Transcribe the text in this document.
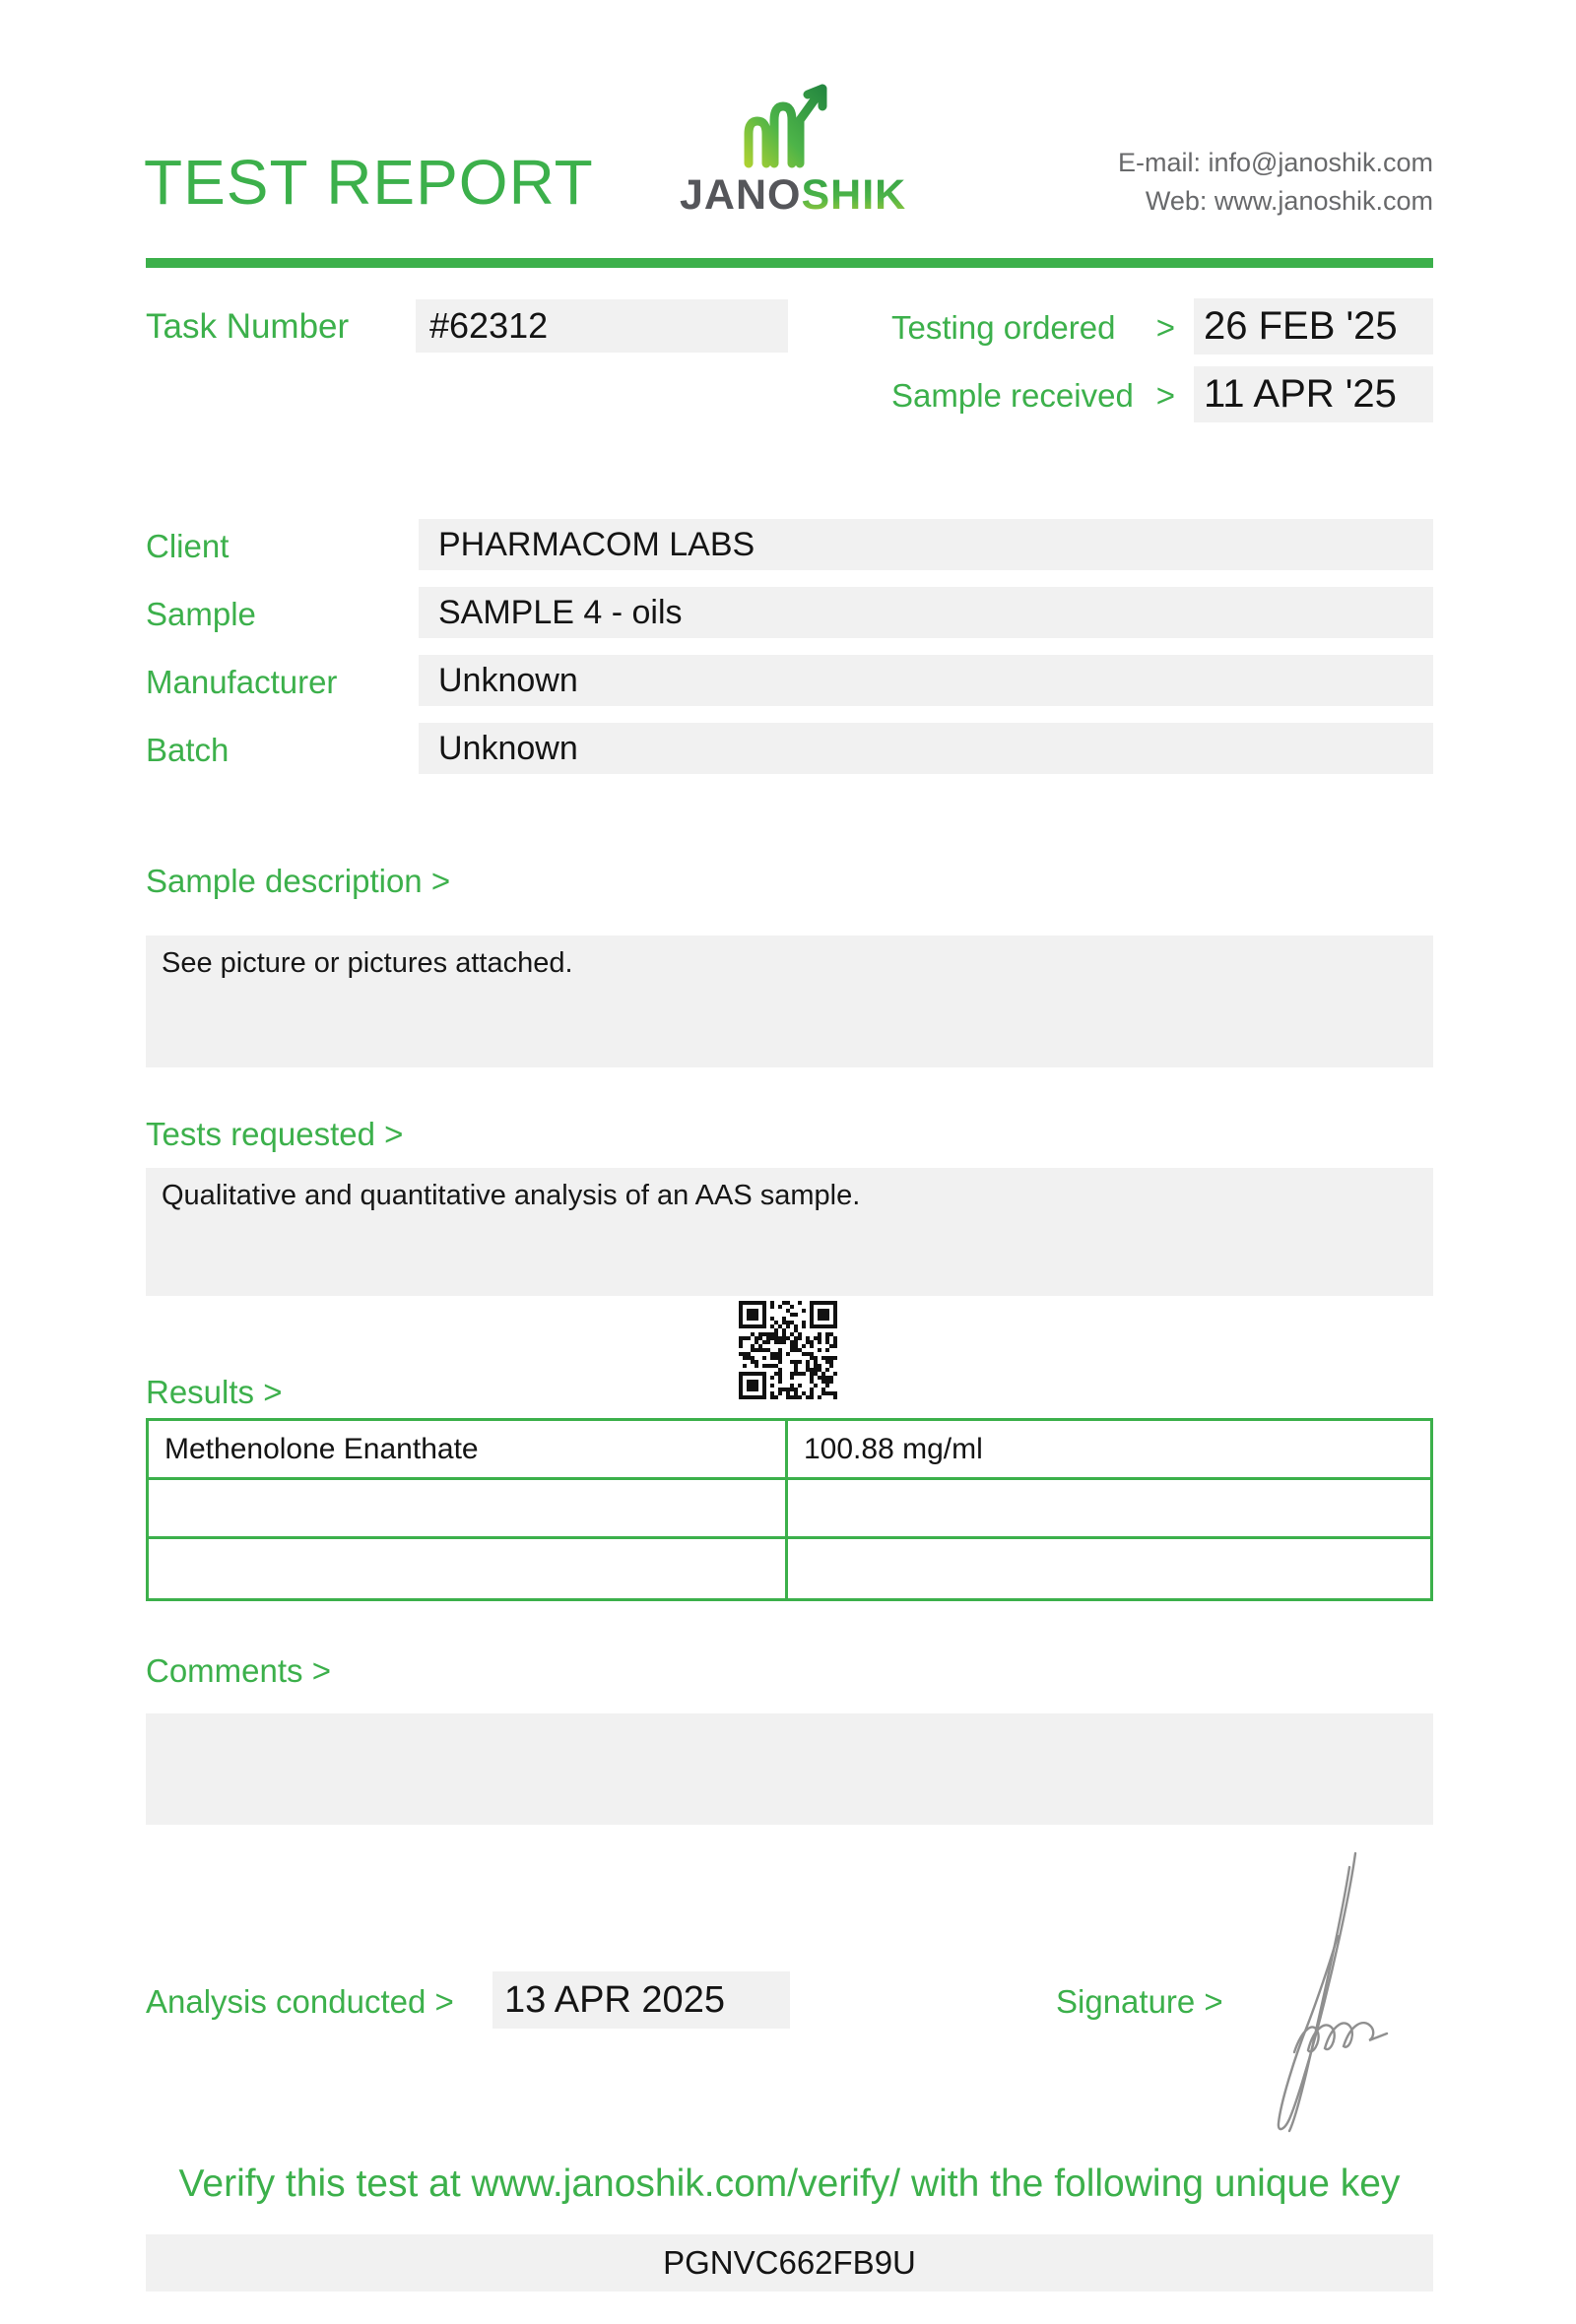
TEST REPORT JANOSHIK
E-mail: info@janoshik.com
Web: www.janoshik.com
Task Number	#62312	Testing ordered > 26 FEB '25
Sample received > 11 APR '25
Client	PHARMACOM LABS
Sample	SAMPLE 4 - oils
Manufacturer	Unknown
Batch	Unknown
Sample description >
See picture or pictures attached.
Tests requested >
Qualitative and quantitative analysis of an AAS sample.
Results >
Methenolone Enanthate	100.88 mg/ml
Comments >
Analysis conducted >	13 APR 2025	Signature >
Verify this test at www.janoshik.com/verify/ with the following unique key
PGNVC662FB9U
